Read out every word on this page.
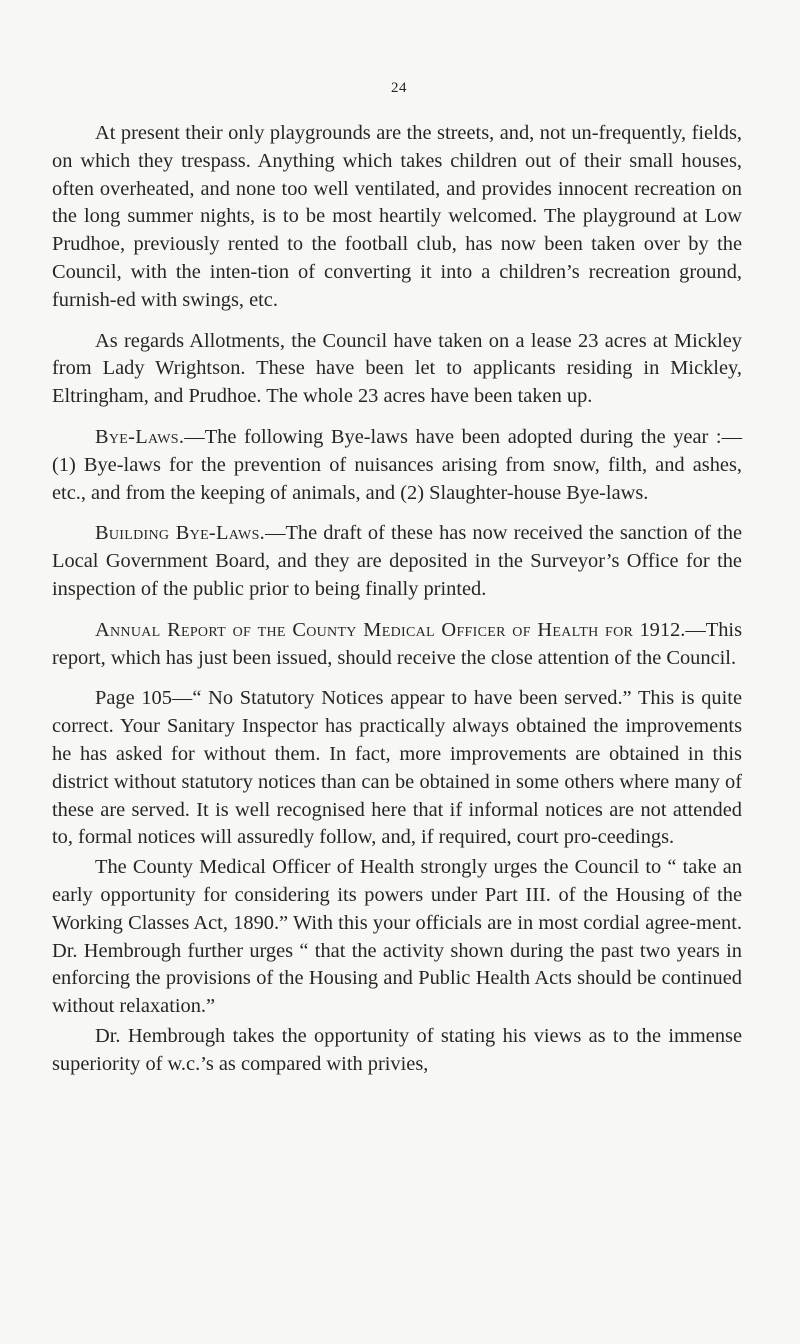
24

At present their only playgrounds are the streets, and, not un-frequently, fields, on which they trespass. Anything which takes children out of their small houses, often overheated, and none too well ventilated, and provides innocent recreation on the long summer nights, is to be most heartily welcomed. The playground at Low Prudhoe, previously rented to the football club, has now been taken over by the Council, with the inten-tion of converting it into a children’s recreation ground, furnish-ed with swings, etc.

As regards Allotments, the Council have taken on a lease 23 acres at Mickley from Lady Wrightson. These have been let to applicants residing in Mickley, Eltringham, and Prudhoe. The whole 23 acres have been taken up.

Bye-Laws.—The following Bye-laws have been adopted during the year :—(1) Bye-laws for the prevention of nuisances arising from snow, filth, and ashes, etc., and from the keeping of animals, and (2) Slaughter-house Bye-laws.

Building Bye-Laws.—The draft of these has now received the sanction of the Local Government Board, and they are deposited in the Surveyor’s Office for the inspection of the public prior to being finally printed.

Annual Report of the County Medical Officer of Health for 1912.—This report, which has just been issued, should receive the close attention of the Council.

Page 105—“ No Statutory Notices appear to have been served.” This is quite correct. Your Sanitary Inspector has practically always obtained the improvements he has asked for without them. In fact, more improvements are obtained in this district without statutory notices than can be obtained in some others where many of these are served. It is well recognised here that if informal notices are not attended to, formal notices will assuredly follow, and, if required, court pro-ceedings.

The County Medical Officer of Health strongly urges the Council to “ take an early opportunity for considering its powers under Part III. of the Housing of the Working Classes Act, 1890.” With this your officials are in most cordial agree-ment. Dr. Hembrough further urges “ that the activity shown during the past two years in enforcing the provisions of the Housing and Public Health Acts should be continued without relaxation.”

Dr. Hembrough takes the opportunity of stating his views as to the immense superiority of w.c.’s as compared with privies,
